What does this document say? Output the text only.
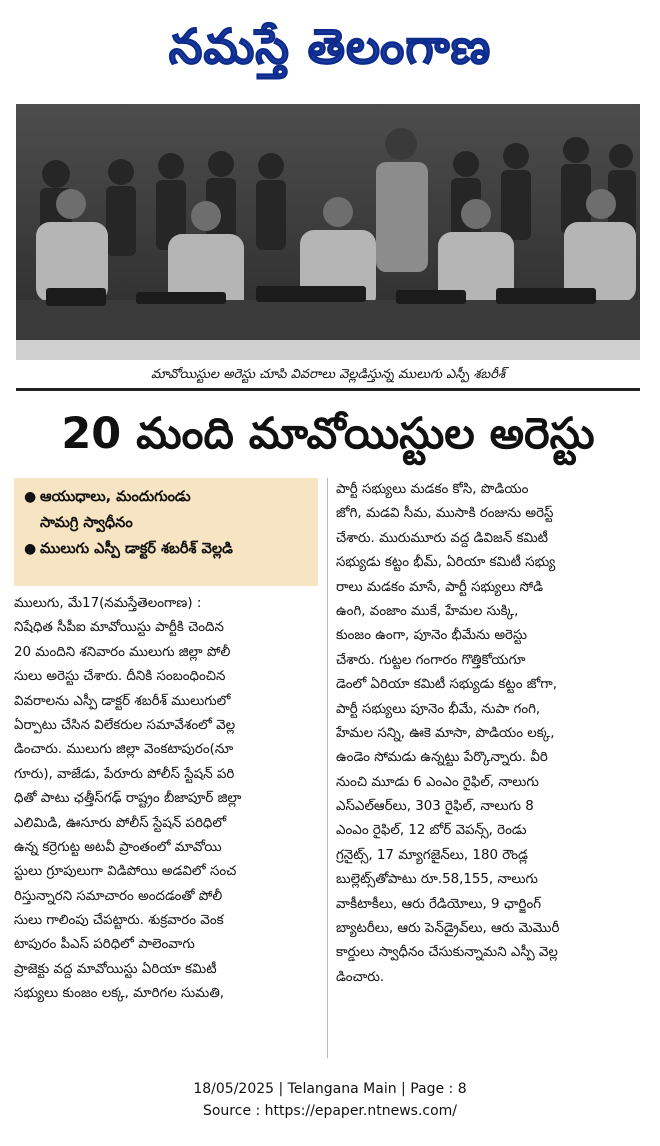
నమస్తే తెలంగాణ
మావోయిస్టుల అరెస్టు చూపి వివరాలు వెల్లడిస్తున్న ములుగు ఎస్పీ శబరీశ్
20 మంది మావోయిస్టుల అరెస్టు
● ఆయుధాలు, మందుగుండు
సామగ్రి స్వాధీనం
● ములుగు ఎస్పీ డాక్టర్ శబరీశ్ వెల్లడి
ములుగు, మే17(నమస్తేతెలంగాణ) :
నిషేధిత సీపీఐ మావోయిస్టు పార్టీకి చెందిన
20 మందిని శనివారం ములుగు జిల్లా పోలీ
సులు అరెస్టు చేశారు. దీనికి సంబంధించిన
వివరాలను ఎస్పీ డాక్టర్ శబరీశ్ ములుగులో
ఏర్పాటు చేసిన విలేకరుల సమావేశంలో వెల్ల
డించారు. ములుగు జిల్లా వెంకటాపురం(నూ
గూరు), వాజేడు, పేరూరు పోలీస్ స్టేషన్ పరి
ధితో పాటు ఛత్తీస్‌గఢ్ రాష్ట్రం బీజాపూర్ జిల్లా
ఎలిమిడి, ఊసూరు పోలీస్ స్టేషన్ పరిధిలో
ఉన్న కర్రెగుట్ట అటవీ ప్రాంతంలో మావోయి
స్టులు గ్రూపులుగా విడిపోయి అడవిలో సంచ
రిస్తున్నారని సమాచారం అందడంతో పోలీ
సులు గాలింపు చేపట్టారు. శుక్రవారం వెంక
టాపురం పీఎస్ పరిధిలో పాలెంవాగు
ప్రాజెక్టు వద్ద మావోయిస్టు ఏరియా కమిటీ
సభ్యులు కుంజం లక్క, మారిగల సుమతి,
పార్టీ సభ్యులు మడకం కోసి, పొడియం
జోగి, మడవి సీమ, ముసాకి రంజును అరెస్ట్
చేశారు. మురుమూరు వద్ద డివిజన్ కమిటీ
సభ్యుడు కట్టం భీమ్, ఏరియా కమిటీ సభ్యు
రాలు మడకం మాసే, పార్టీ సభ్యులు సోడి
ఉంగి, వంజాం ముకే, హేమల సుక్కి,
కుంజం ఉంగా, పూనెం భీమేను అరెస్టు
చేశారు. గుట్టల గంగారం గొత్తికోయగూ
డెంలో ఏరియా కమిటీ సభ్యుడు కట్టం జోగా,
పార్టీ సభ్యులు పూనెం భీమే, నుపా గంగి,
హేమల సన్ని, ఊకె మాసా, పొడియం లక్క,
ఉండెం సోమడు ఉన్నట్టు పేర్కొన్నారు. వీరి
నుంచి మూడు 6 ఎంఎం రైఫిల్, నాలుగు
ఎస్ఎల్ఆర్‌లు, 303 రైఫిల్, నాలుగు 8
ఎంఎం రైఫిల్, 12 బోర్ వెపన్స్, రెండు
గ్రనైట్స్, 17 మ్యాగజైన్‌లు, 180 రౌండ్ల
బుల్లెట్స్‌తోపాటు రూ.58,155, నాలుగు
వాకీటాకీలు, ఆరు రేడియోలు, 9 ఛార్జింగ్
బ్యాటరీలు, ఆరు పెన్‌డ్రైవ్‌లు, ఆరు మెమొరీ
కార్డులు స్వాధీనం చేసుకున్నామని ఎస్పీ వెల్ల
డించారు.
18/05/2025 | Telangana Main | Page : 8
Source : https://epaper.ntnews.com/
